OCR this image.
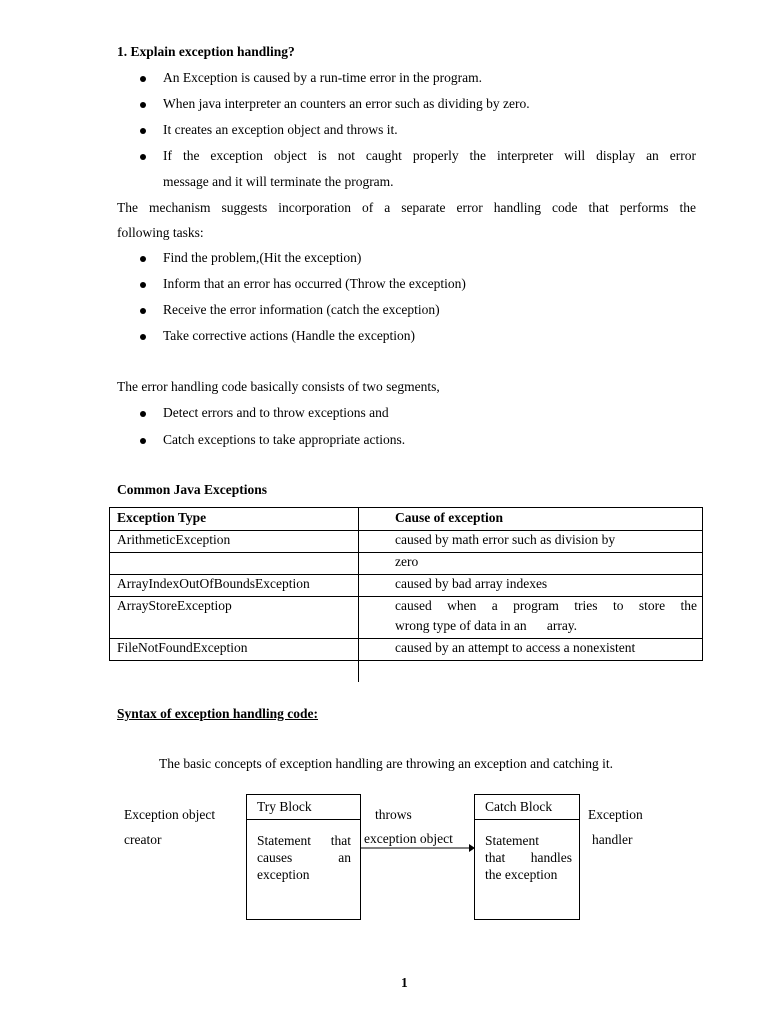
1. Explain exception handling?
An Exception is caused by a run-time error in the program.
When java interpreter an counters an error such as dividing by zero.
It creates an exception object and throws it.
If the exception object is not caught properly the interpreter will display an error
message and it will terminate the program.
The mechanism suggests incorporation of a separate error handling code that performs the
following tasks:
Find the problem,(Hit the exception)
Inform that an error has occurred (Throw the exception)
Receive the error information (catch the exception)
Take corrective actions (Handle the exception)
The error handling code basically consists of two segments,
Detect errors and to throw exceptions and
Catch exceptions to take appropriate actions.
Common Java Exceptions
Exception Type	Cause of exception
ArithmeticException	caused by math error such as division by
zero
ArrayIndexOutOfBoundsException	caused by bad array indexes
ArrayStoreExceptiop	caused when a program tries to store the
wrong type of data in an      array.
FileNotFoundException	caused by an attempt to access a nonexistent
Syntax of exception handling code:
The basic concepts of exception handling are throwing an exception and catching it.
Exception object
creator
Try Block
Statement that
causes an
exception
throws
exception object
Catch Block
Statement
that handles
the exception
Exception
handler
1
